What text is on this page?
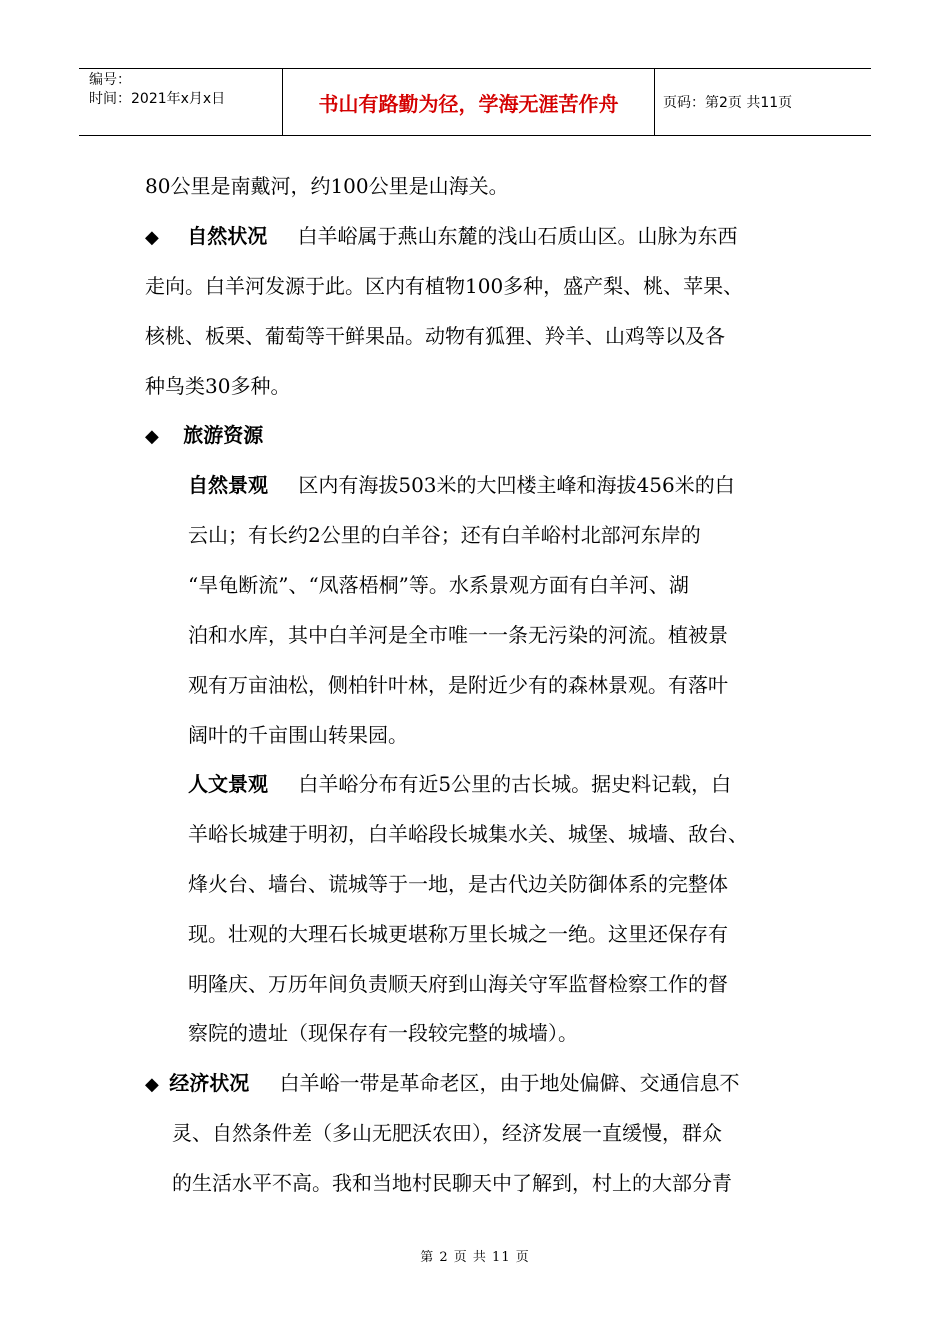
编号：
时间：2021年x月x日	书山有路勤为径，学海无涯苦作舟	页码：第2页 共11页
80公里是南戴河，约100公里是山海关。
◆ 自然状况 白羊峪属于燕山东麓的浅山石质山区。山脉为东西
走向。白羊河发源于此。区内有植物100多种，盛产梨、桃、苹果、
核桃、板栗、葡萄等干鲜果品。动物有狐狸、羚羊、山鸡等以及各
种鸟类30多种。
◆ 旅游资源
自然景观 区内有海拔503米的大凹楼主峰和海拔456米的白
云山；有长约2公里的白羊谷；还有白羊峪村北部河东岸的
“旱龟断流”、“凤落梧桐”等。水系景观方面有白羊河、湖
泊和水库，其中白羊河是全市唯一一条无污染的河流。植被景
观有万亩油松，侧柏针叶林，是附近少有的森林景观。有落叶
阔叶的千亩围山转果园。
人文景观 白羊峪分布有近5公里的古长城。据史料记载，白
羊峪长城建于明初，白羊峪段长城集水关、城堡、城墙、敌台、
烽火台、墙台、谎城等于一地，是古代边关防御体系的完整体
现。壮观的大理石长城更堪称万里长城之一绝。这里还保存有
明隆庆、万历年间负责顺天府到山海关守军监督检察工作的督
察院的遗址（现保存有一段较完整的城墙）。
◆ 经济状况 白羊峪一带是革命老区，由于地处偏僻、交通信息不
灵、自然条件差（多山无肥沃农田），经济发展一直缓慢，群众
的生活水平不高。我和当地村民聊天中了解到，村上的大部分青
第 2 页 共 11 页
